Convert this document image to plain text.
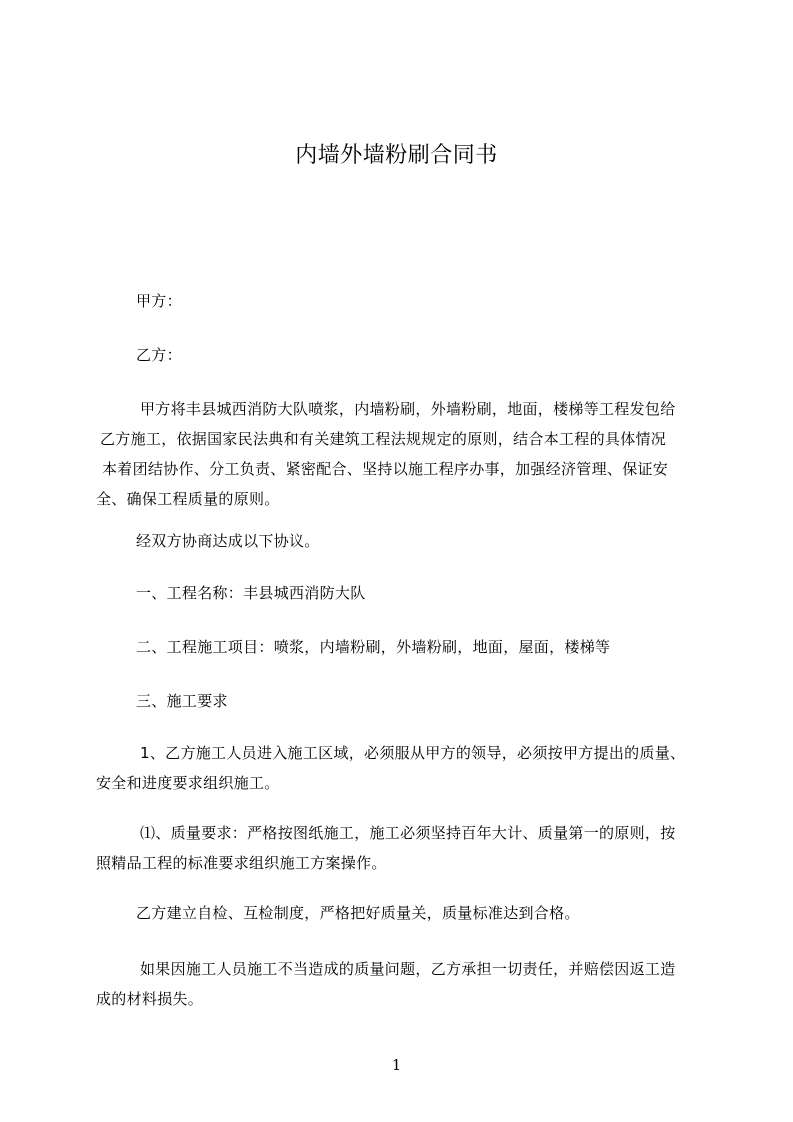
内墙外墙粉刷合同书
甲方：
乙方：
甲方将丰县城西消防大队喷浆，内墙粉刷，外墙粉刷，地面，楼梯等工程发包给
乙方施工，依据国家民法典和有关建筑工程法规规定的原则，结合本工程的具体情况
本着团结协作、分工负责、紧密配合、坚持以施工程序办事，加强经济管理、保证安
全、确保工程质量的原则。
经双方协商达成以下协议。
一、工程名称：丰县城西消防大队
二、工程施工项目：喷浆，内墙粉刷，外墙粉刷，地面，屋面，楼梯等
三、施工要求
1、乙方施工人员进入施工区域，必须服从甲方的领导，必须按甲方提出的质量、
安全和进度要求组织施工。
⑴、质量要求：严格按图纸施工，施工必须坚持百年大计、质量第一的原则，按
照精品工程的标准要求组织施工方案操作。
乙方建立自检、互检制度，严格把好质量关，质量标准达到合格。
如果因施工人员施工不当造成的质量问题，乙方承担一切责任，并赔偿因返工造
成的材料损失。
1
